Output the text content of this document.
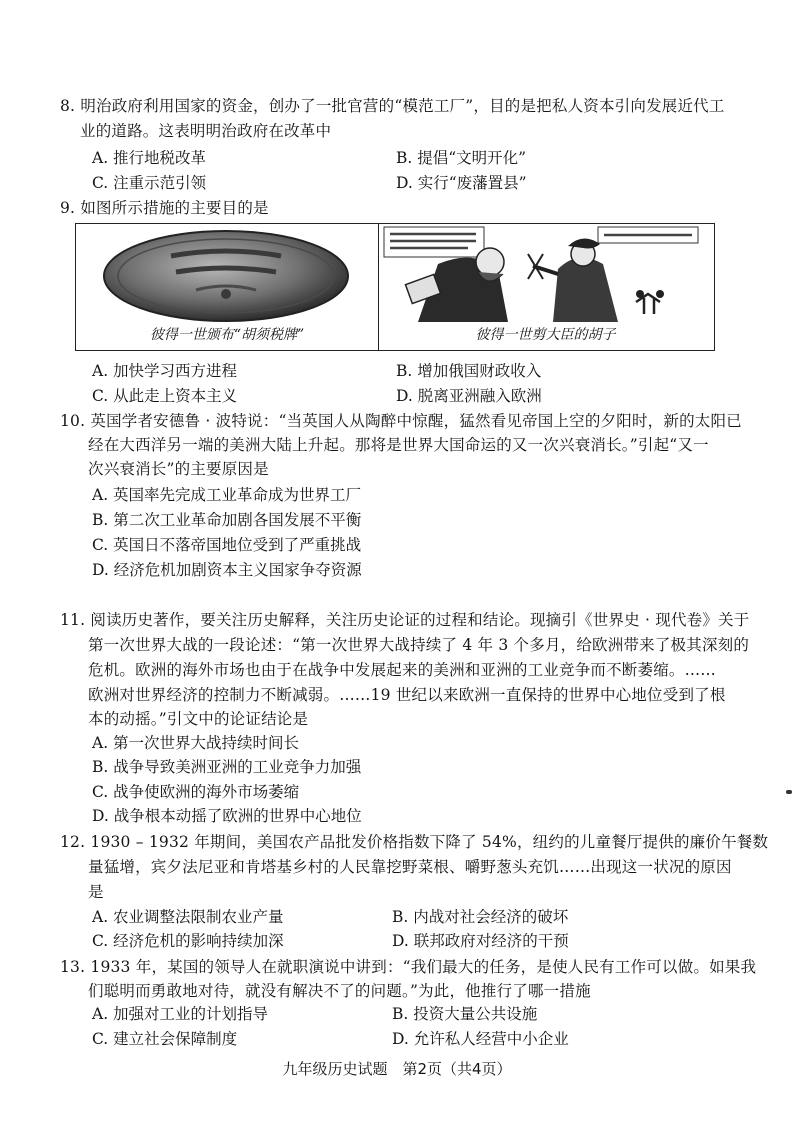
8. 明治政府利用国家的资金，创办了一批官营的“模范工厂”，目的是把私人资本引向发展近代工
业的道路。这表明明治政府在改革中
A. 推行地税改革	B. 提倡“文明开化”
C. 注重示范引领	D. 实行“废藩置县”
9. 如图所示措施的主要目的是
彼得一世颁布“胡须税牌”	彼得一世剪大臣的胡子
A. 加快学习西方进程	B. 增加俄国财政收入
C. 从此走上资本主义	D. 脱离亚洲融入欧洲
10. 英国学者安德鲁 · 波特说：“当英国人从陶醉中惊醒，猛然看见帝国上空的夕阳时，新的太阳已
经在大西洋另一端的美洲大陆上升起。那将是世界大国命运的又一次兴衰消长。”引起“又一
次兴衰消长”的主要原因是
A. 英国率先完成工业革命成为世界工厂
B. 第二次工业革命加剧各国发展不平衡
C. 英国日不落帝国地位受到了严重挑战
D. 经济危机加剧资本主义国家争夺资源
11. 阅读历史著作，要关注历史解释，关注历史论证的过程和结论。现摘引《世界史 · 现代卷》关于
第一次世界大战的一段论述：“第一次世界大战持续了 4 年 3 个多月，给欧洲带来了极其深刻的
危机。欧洲的海外市场也由于在战争中发展起来的美洲和亚洲的工业竞争而不断萎缩。……
欧洲对世界经济的控制力不断减弱。……19 世纪以来欧洲一直保持的世界中心地位受到了根
本的动摇。”引文中的论证结论是
A. 第一次世界大战持续时间长
B. 战争导致美洲亚洲的工业竞争力加强
C. 战争使欧洲的海外市场萎缩
D. 战争根本动摇了欧洲的世界中心地位
12. 1930 – 1932 年期间，美国农产品批发价格指数下降了 54%，纽约的儿童餐厅提供的廉价午餐数
量猛增，宾夕法尼亚和肯塔基乡村的人民靠挖野菜根、嚼野葱头充饥……出现这一状况的原因
是
A. 农业调整法限制农业产量	B. 内战对社会经济的破坏
C. 经济危机的影响持续加深	D. 联邦政府对经济的干预
13. 1933 年，某国的领导人在就职演说中讲到：“我们最大的任务，是使人民有工作可以做。如果我
们聪明而勇敢地对待，就没有解决不了的问题。”为此，他推行了哪一措施
A. 加强对工业的计划指导	B. 投资大量公共设施
C. 建立社会保障制度	D. 允许私人经营中小企业
九年级历史试题　第2页（共4页）
